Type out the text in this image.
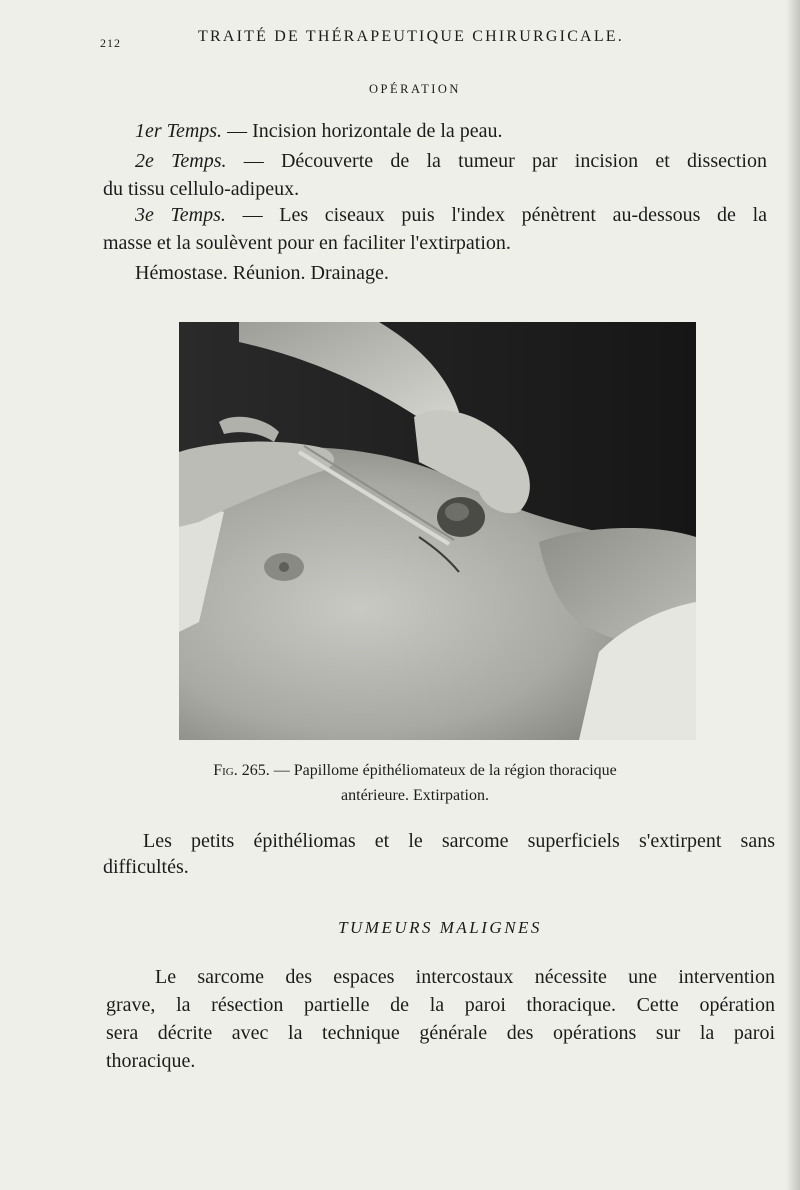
212	TRAITÉ DE THÉRAPEUTIQUE CHIRURGICALE.
OPÉRATION
1er Temps. — Incision horizontale de la peau.
2e Temps. — Découverte de la tumeur par incision et dissection
du tissu cellulo-adipeux.
3e Temps. — Les ciseaux puis l'index pénètrent au-dessous de la
masse et la soulèvent pour en faciliter l'extirpation.
Hémostase. Réunion. Drainage.
Fig. 265. — Papillome épithéliomateux de la région thoracique
antérieure. Extirpation.
Les petits épithéliomas et le sarcome superficiels s'extirpent sans
difficultés.
TUMEURS MALIGNES
Le sarcome des espaces intercostaux nécessite une intervention
grave, la résection partielle de la paroi thoracique. Cette opération
sera décrite avec la technique générale des opérations sur la paroi
thoracique.
